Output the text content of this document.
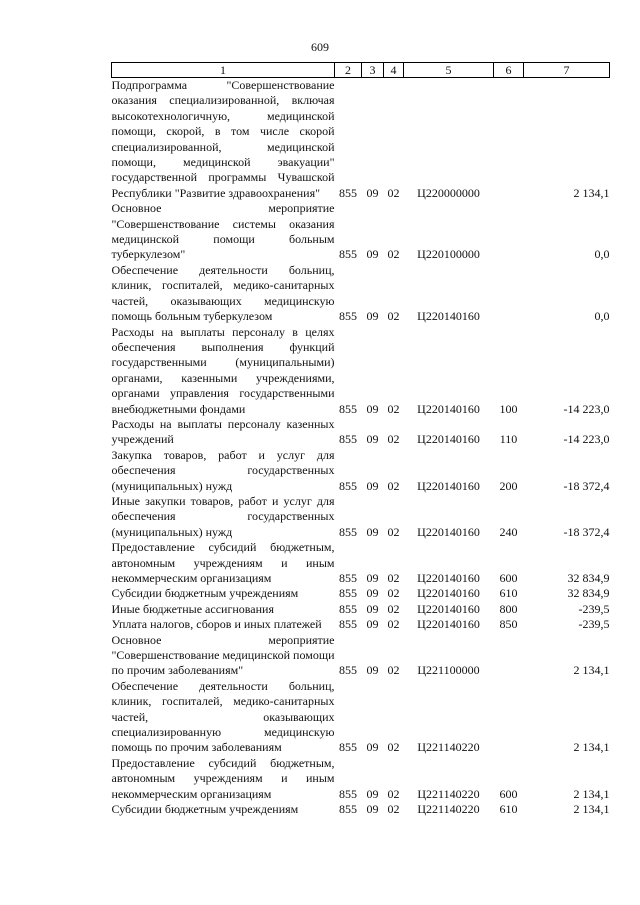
609
1	2	3	4	5	6	7
Подпрограмма "Совершенствование оказания специализированной, включая высокотехнологичную, медицинской помощи, скорой, в том числе скорой специализированной, медицинской помощи, медицинской эвакуации" государственной программы Чувашской Республики "Развитие здравоохранения"	855	09	02	Ц220000000		2 134,1
Основное мероприятие "Совершенствование системы оказания медицинской помощи больным туберкулезом"	855	09	02	Ц220100000		0,0
Обеспечение деятельности больниц, клиник, госпиталей, медико-санитарных частей, оказывающих медицинскую помощь больным туберкулезом	855	09	02	Ц220140160		0,0
Расходы на выплаты персоналу в целях обеспечения выполнения функций государственными (муниципальными) органами, казенными учреждениями, органами управления государственными внебюджетными фондами	855	09	02	Ц220140160	100	-14 223,0
Расходы на выплаты персоналу казенных учреждений	855	09	02	Ц220140160	110	-14 223,0
Закупка товаров, работ и услуг для обеспечения государственных (муниципальных) нужд	855	09	02	Ц220140160	200	-18 372,4
Иные закупки товаров, работ и услуг для обеспечения государственных (муниципальных) нужд	855	09	02	Ц220140160	240	-18 372,4
Предоставление субсидий бюджетным, автономным учреждениям и иным некоммерческим организациям	855	09	02	Ц220140160	600	32 834,9
Субсидии бюджетным учреждениям	855	09	02	Ц220140160	610	32 834,9
Иные бюджетные ассигнования	855	09	02	Ц220140160	800	-239,5
Уплата налогов, сборов и иных платежей	855	09	02	Ц220140160	850	-239,5
Основное мероприятие "Совершенствование медицинской помощи по прочим заболеваниям"	855	09	02	Ц221100000		2 134,1
Обеспечение деятельности больниц, клиник, госпиталей, медико-санитарных частей, оказывающих специализированную медицинскую помощь по прочим заболеваниям	855	09	02	Ц221140220		2 134,1
Предоставление субсидий бюджетным, автономным учреждениям и иным некоммерческим организациям	855	09	02	Ц221140220	600	2 134,1
Субсидии бюджетным учреждениям	855	09	02	Ц221140220	610	2 134,1
